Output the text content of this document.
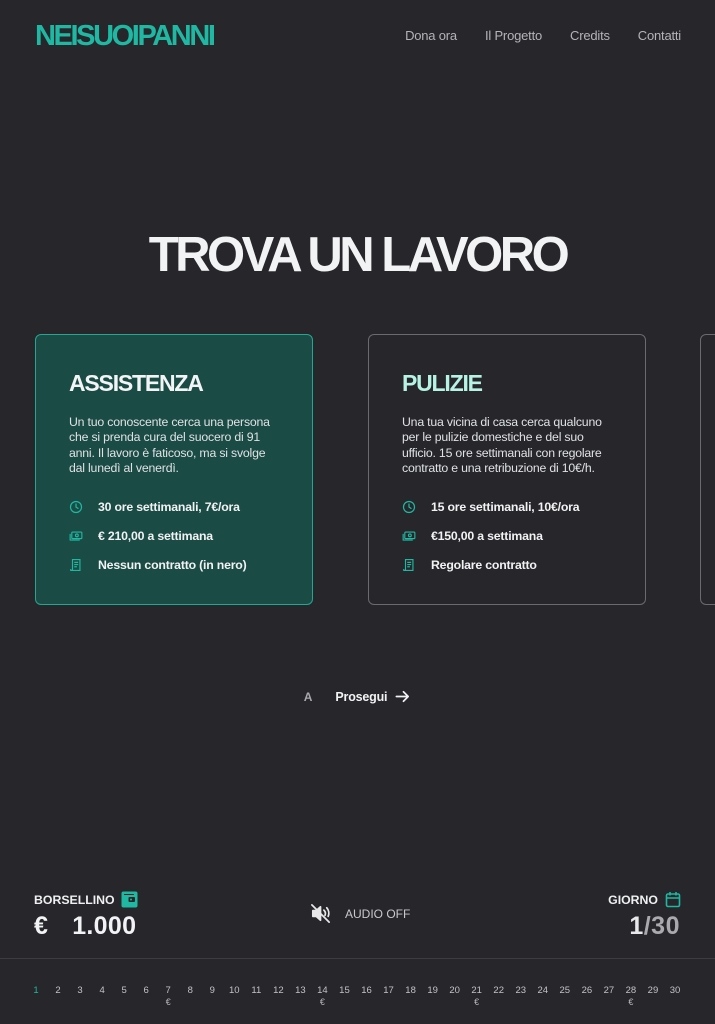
NEISUOIPANNI	Dona ora Il Progetto Credits Contatti
TROVA UN LAVORO
ASSISTENZA
Un tuo conoscente cerca una persona che si prenda cura del suocero di 91 anni. Il lavoro è faticoso, ma si svolge dal lunedì al venerdì.
30 ore settimanali, 7€/ora
€ 210,00 a settimana
Nessun contratto (in nero)
PULIZIE
Una tua vicina di casa cerca qualcuno per le pulizie domestiche e del suo ufficio. 15 ore settimanali con regolare contratto e una retribuzione di 10€/h.
15 ore settimanali, 10€/ora
€150,00 a settimana
Regolare contratto
A Prosegui
BORSELLINO
€ 1.000	AUDIO OFF
GIORNO
1/30
1 2 3 4 5 6 7
€
8 9 10 11 12 13 14
€
15 16 17 18 19 20 21
€
22 23 24 25 26 27 28
€
29 30
